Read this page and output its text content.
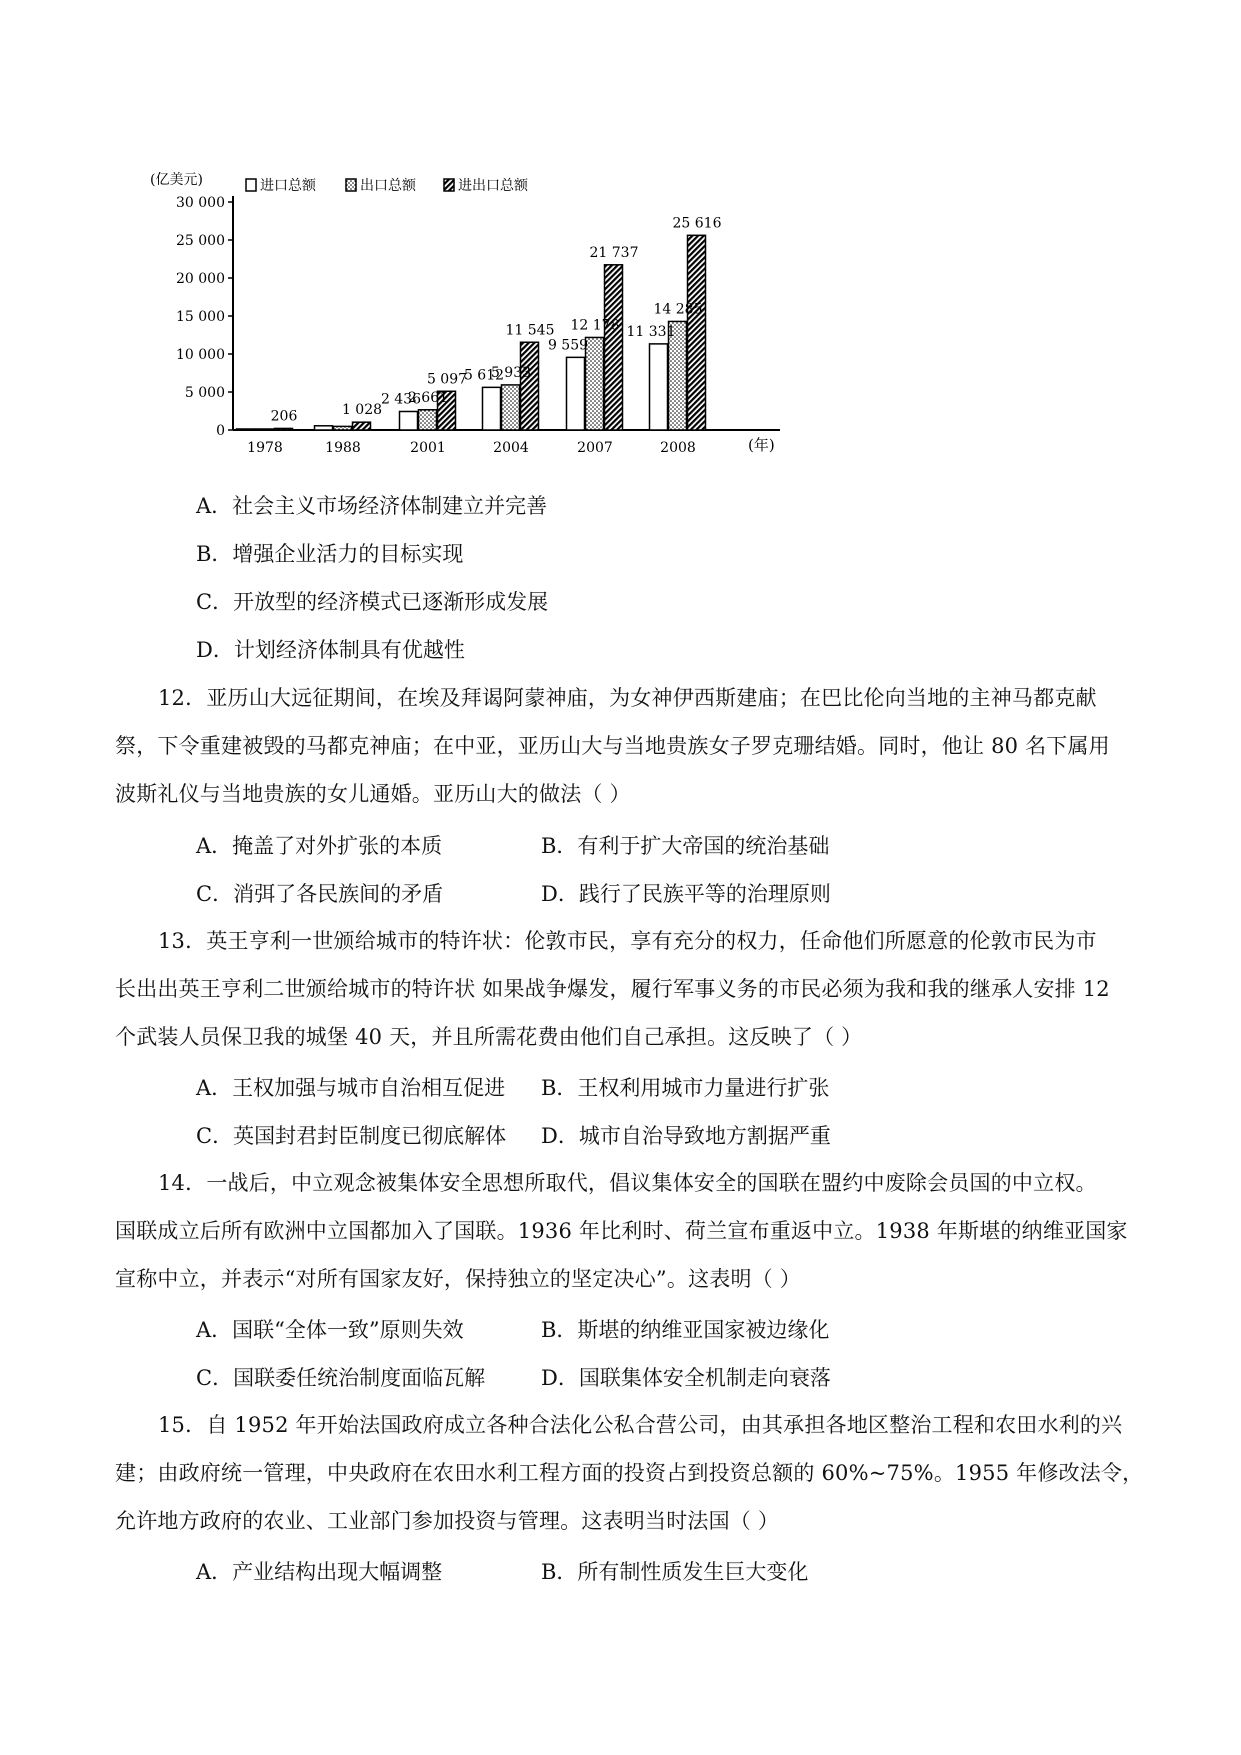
0
5 000
10 000
15 000
20 000
25 000
30 000
(亿美元)
(年)
1978	1988	2001	2004	2007	2008
206	1 028
2 436
2 661
5 097
5 612
5 933
11 545
9 559
12 178
21 737
11 331
14 285
25 616
进口总额	出口总额	进出口总额
A．社会主义市场经济体制建立并完善
B．增强企业活力的目标实现
C．开放型的经济模式已逐渐形成发展
D．计划经济体制具有优越性
12．亚历山大远征期间，在埃及拜谒阿蒙神庙，为女神伊西斯建庙；在巴比伦向当地的主神马都克献
祭，下令重建被毁的马都克神庙；在中亚，亚历山大与当地贵族女子罗克珊结婚。同时，他让 80 名下属用
波斯礼仪与当地贵族的女儿通婚。亚历山大的做法（ ）
A．掩盖了对外扩张的本质	B．有利于扩大帝国的统治基础
C．消弭了各民族间的矛盾	D．践行了民族平等的治理原则
13．英王亨利一世颁给城市的特许状：伦敦市民，享有充分的权力，任命他们所愿意的伦敦市民为市
长出出英王亨利二世颁给城市的特许状 如果战争爆发，履行军事义务的市民必须为我和我的继承人安排 12
个武装人员保卫我的城堡 40 天，并且所需花费由他们自己承担。这反映了（ ）
A．王权加强与城市自治相互促进 B．王权利用城市力量进行扩张
C．英国封君封臣制度已彻底解体 D．城市自治导致地方割据严重
14．一战后，中立观念被集体安全思想所取代，倡议集体安全的国联在盟约中废除会员国的中立权。
国联成立后所有欧洲中立国都加入了国联。1936 年比利时、荷兰宣布重返中立。1938 年斯堪的纳维亚国家
宣称中立，并表示“对所有国家友好，保持独立的坚定决心”。这表明（ ）
A．国联“全体一致”原则失效	B．斯堪的纳维亚国家被边缘化
C．国联委任统治制度面临瓦解	D．国联集体安全机制走向衰落
15．自 1952 年开始法国政府成立各种合法化公私合营公司，由其承担各地区整治工程和农田水利的兴
建；由政府统一管理，中央政府在农田水利工程方面的投资占到投资总额的 60%~75%。1955 年修改法令，
允许地方政府的农业、工业部门参加投资与管理。这表明当时法国（ ）
A．产业结构出现大幅调整	B．所有制性质发生巨大变化
